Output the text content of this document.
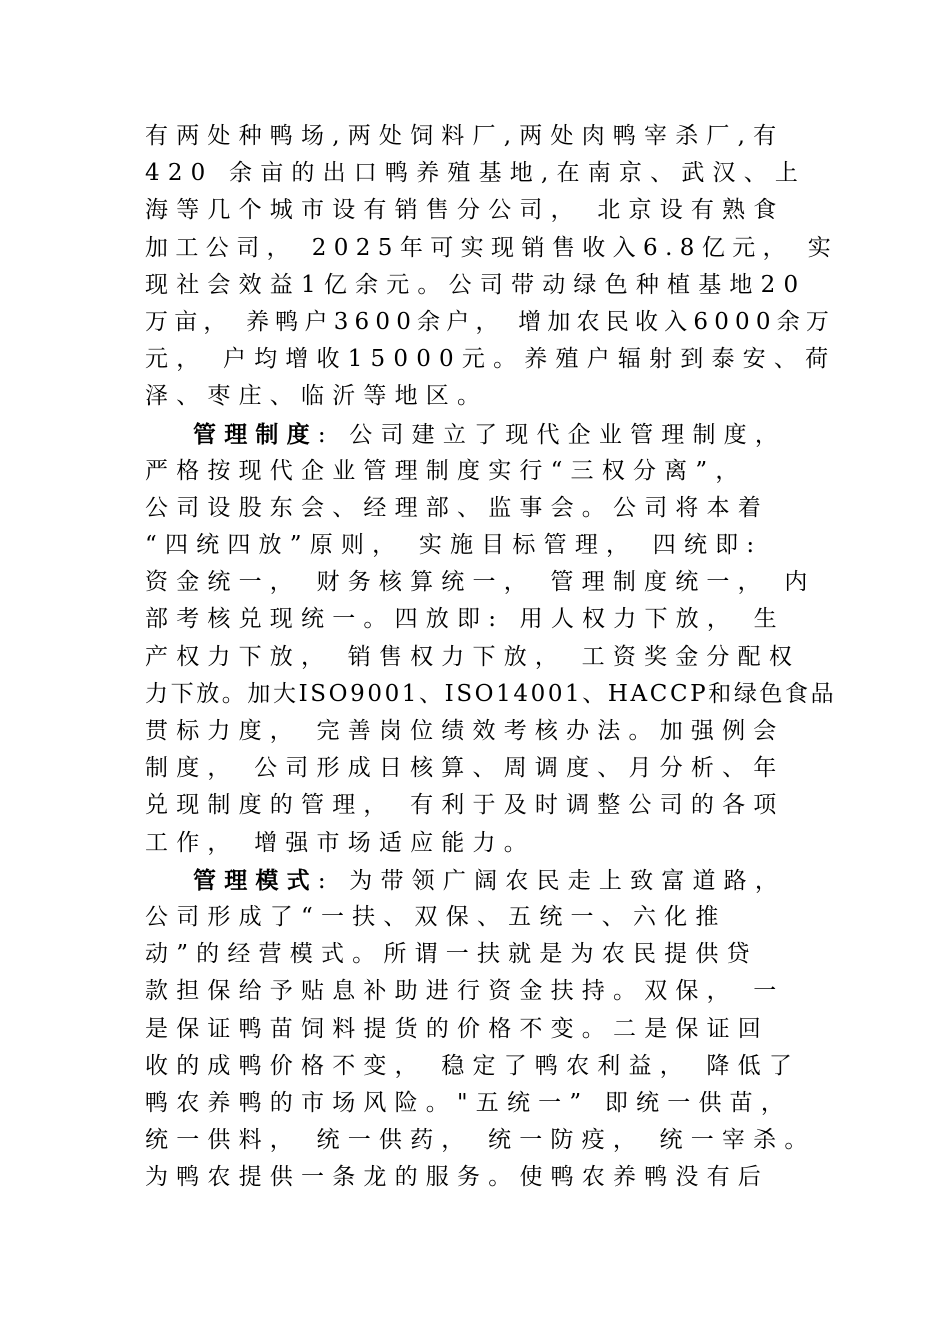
有两处种鸭场,两处饲料厂,两处肉鸭宰杀厂,有
420 余亩的出口鸭养殖基地,在南京、武汉、上
海等几个城市设有销售分公司， 北京设有熟食
加工公司， 2025年可实现销售收入6.8亿元， 实
现社会效益1亿余元。公司带动绿色种植基地20
万亩， 养鸭户3600余户， 增加农民收入6000余万
元， 户均增收15000元。养殖户辐射到泰安、荷
泽、枣庄、临沂等地区。
管理制度: 公司建立了现代企业管理制度，
严格按现代企业管理制度实行“三权分离”，
公司设股东会、经理部、监事会。公司将本着
“四统四放”原则， 实施目标管理， 四统即:
资金统一， 财务核算统一， 管理制度统一， 内
部考核兑现统一。四放即: 用人权力下放， 生
产权力下放， 销售权力下放， 工资奖金分配权
力下放。加大ISO9001、ISO14001、HACCP和绿色食品
贯标力度， 完善岗位绩效考核办法。加强例会
制度， 公司形成日核算、周调度、月分析、年
兑现制度的管理， 有利于及时调整公司的各项
工作， 增强市场适应能力。
管理模式: 为带领广阔农民走上致富道路，
公司形成了“一扶、双保、五统一、六化推
动”的经营模式。所谓一扶就是为农民提供贷
款担保给予贴息补助进行资金扶持。双保， 一
是保证鸭苗饲料提货的价格不变。二是保证回
收的成鸭价格不变， 稳定了鸭农利益， 降低了
鸭农养鸭的市场风险。"五统一” 即统一供苗，
统一供料， 统一供药， 统一防疫， 统一宰杀。
为鸭农提供一条龙的服务。使鸭农养鸭没有后
